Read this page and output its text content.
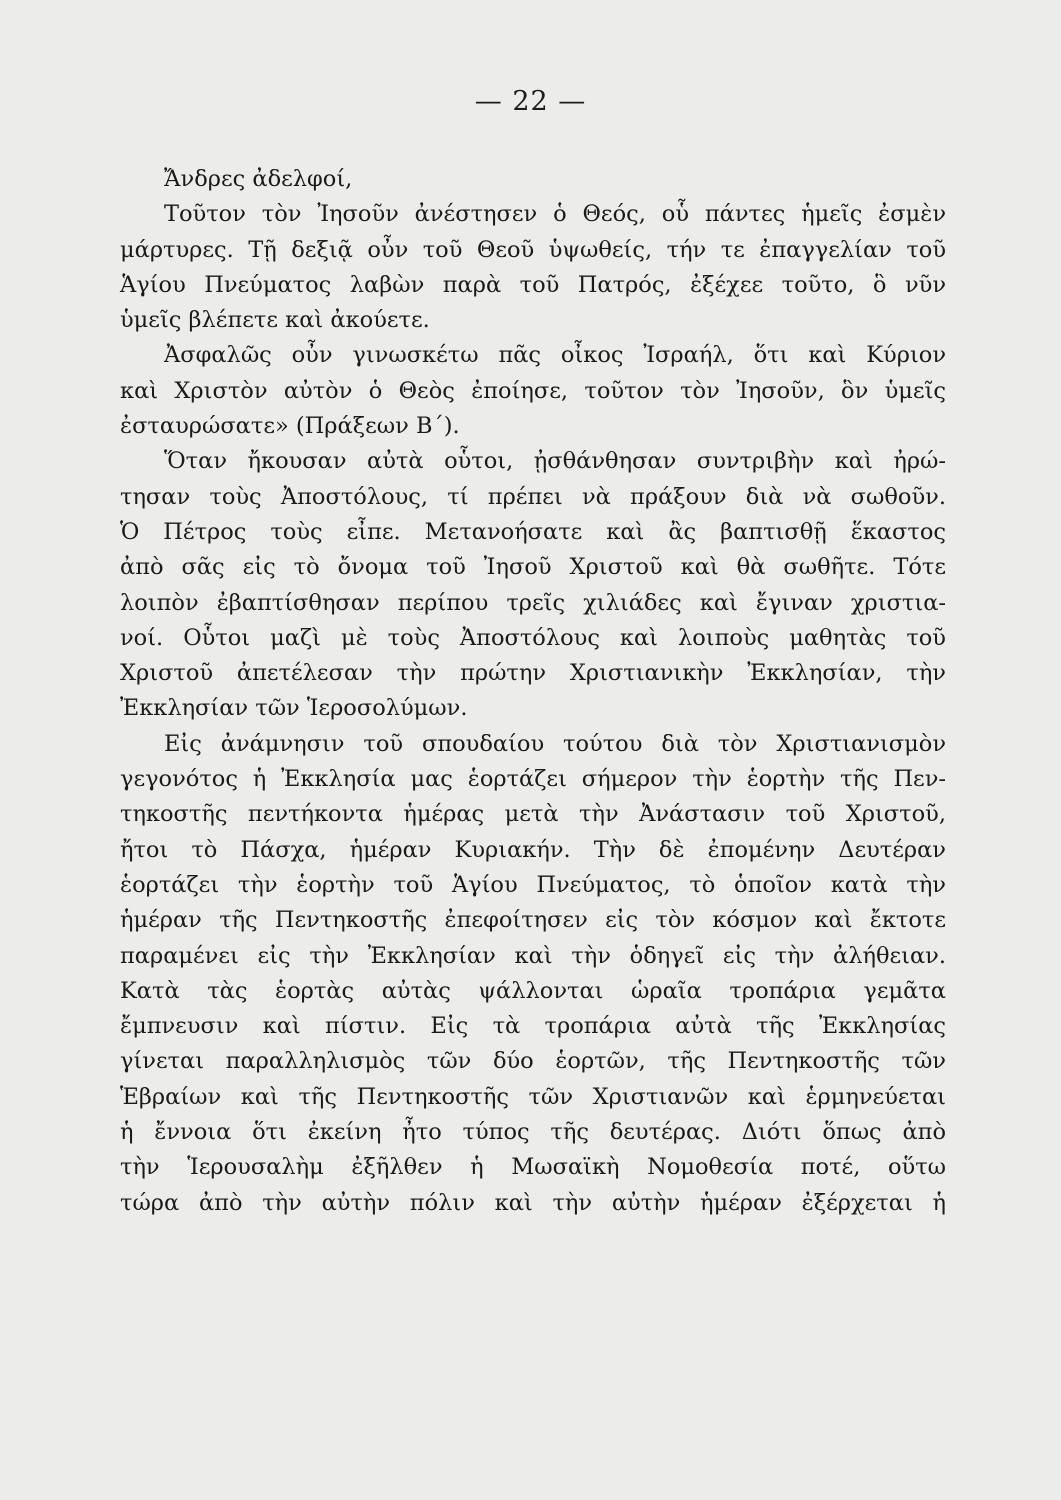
— 22 —
Ἄνδρες ἀδελφοί,
Τοῦτον τὸν Ἰησοῦν ἀνέστησεν ὁ Θεός, οὗ πάντες ἡμεῖς ἐσμὲν
μάρτυρες. Τῇ δεξιᾷ οὖν τοῦ Θεοῦ ὑψωθείς, τήν τε ἐπαγγελίαν τοῦ
Ἁγίου Πνεύματος λαβὼν παρὰ τοῦ Πατρός, ἐξέχεε τοῦτο, ὃ νῦν
ὑμεῖς βλέπετε καὶ ἀκούετε.
Ἀσφαλῶς οὖν γινωσκέτω πᾶς οἶκος Ἰσραήλ, ὅτι καὶ Κύριον
καὶ Χριστὸν αὐτὸν ὁ Θεὸς ἐποίησε, τοῦτον τὸν Ἰησοῦν, ὃν ὑμεῖς
ἐσταυρώσατε» (Πράξεων Β΄).
Ὅταν ἤκουσαν αὐτὰ οὗτοι, ᾐσθάνθησαν συντριβὴν καὶ ἠρώ-
τησαν τοὺς Ἀποστόλους, τί πρέπει νὰ πράξουν διὰ νὰ σωθοῦν.
Ὁ Πέτρος τοὺς εἶπε. Μετανοήσατε καὶ ἂς βαπτισθῇ ἕκαστος
ἀπὸ σᾶς εἰς τὸ ὄνομα τοῦ Ἰησοῦ Χριστοῦ καὶ θὰ σωθῆτε. Τότε
λοιπὸν ἐβαπτίσθησαν περίπου τρεῖς χιλιάδες καὶ ἔγιναν χριστια-
νοί. Οὗτοι μαζὶ μὲ τοὺς Ἀποστόλους καὶ λοιποὺς μαθητὰς τοῦ
Χριστοῦ ἀπετέλεσαν τὴν πρώτην Χριστιανικὴν Ἐκκλησίαν, τὴν
Ἐκκλησίαν τῶν Ἱεροσολύμων.
Εἰς ἀνάμνησιν τοῦ σπουδαίου τούτου διὰ τὸν Χριστιανισμὸν
γεγονότος ἡ Ἐκκλησία μας ἑορτάζει σήμερον τὴν ἑορτὴν τῆς Πεν-
τηκοστῆς πεντήκοντα ἡμέρας μετὰ τὴν Ἀνάστασιν τοῦ Χριστοῦ,
ἤτοι τὸ Πάσχα, ἡμέραν Κυριακήν. Τὴν δὲ ἐπομένην Δευτέραν
ἑορτάζει τὴν ἑορτὴν τοῦ Ἁγίου Πνεύματος, τὸ ὁποῖον κατὰ τὴν
ἡμέραν τῆς Πεντηκοστῆς ἐπεφοίτησεν εἰς τὸν κόσμον καὶ ἔκτοτε
παραμένει εἰς τὴν Ἐκκλησίαν καὶ τὴν ὁδηγεῖ εἰς τὴν ἀλήθειαν.
Κατὰ τὰς ἑορτὰς αὐτὰς ψάλλονται ὡραῖα τροπάρια γεμᾶτα
ἔμπνευσιν καὶ πίστιν. Εἰς τὰ τροπάρια αὐτὰ τῆς Ἐκκλησίας
γίνεται παραλληλισμὸς τῶν δύο ἑορτῶν, τῆς Πεντηκοστῆς τῶν
Ἑβραίων καὶ τῆς Πεντηκοστῆς τῶν Χριστιανῶν καὶ ἑρμηνεύεται
ἡ ἔννοια ὅτι ἐκείνη ἦτο τύπος τῆς δευτέρας. Διότι ὅπως ἀπὸ
τὴν Ἱερουσαλὴμ ἐξῆλθεν ἡ Μωσαϊκὴ Νομοθεσία ποτέ, οὕτω
τώρα ἀπὸ τὴν αὐτὴν πόλιν καὶ τὴν αὐτὴν ἡμέραν ἐξέρχεται ἡ
